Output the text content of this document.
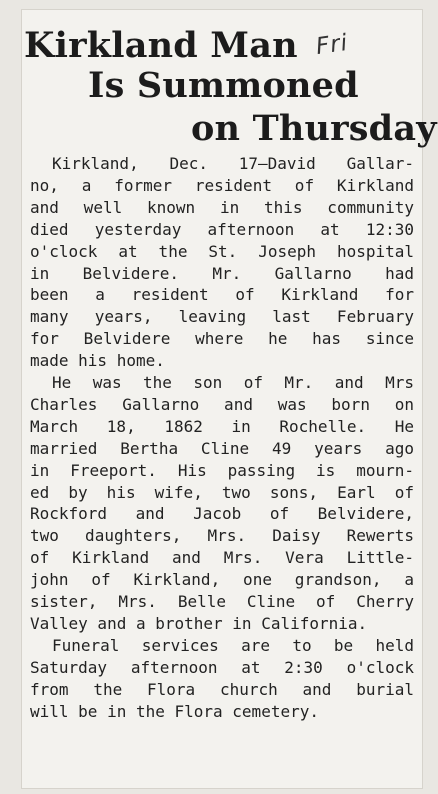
Kirkland Man Fri
Is Summoned
on Thursday
Kirkland, Dec. 17—David Gallar-
no, a former resident of Kirkland
and well known in this community
died yesterday afternoon at 12:30
o'clock at the St. Joseph hospital
in Belvidere. Mr. Gallarno had
been a resident of Kirkland for
many years, leaving last February
for Belvidere where he has since
made his home.
He was the son of Mr. and Mrs
Charles Gallarno and was born on
March 18, 1862 in Rochelle. He
married Bertha Cline 49 years ago
in Freeport. His passing is mourn-
ed by his wife, two sons, Earl of
Rockford and Jacob of Belvidere,
two daughters, Mrs. Daisy Rewerts
of Kirkland and Mrs. Vera Little-
john of Kirkland, one grandson, a
sister, Mrs. Belle Cline of Cherry
Valley and a brother in California.
Funeral services are to be held
Saturday afternoon at 2:30 o'clock
from the Flora church and burial
will be in the Flora cemetery.
